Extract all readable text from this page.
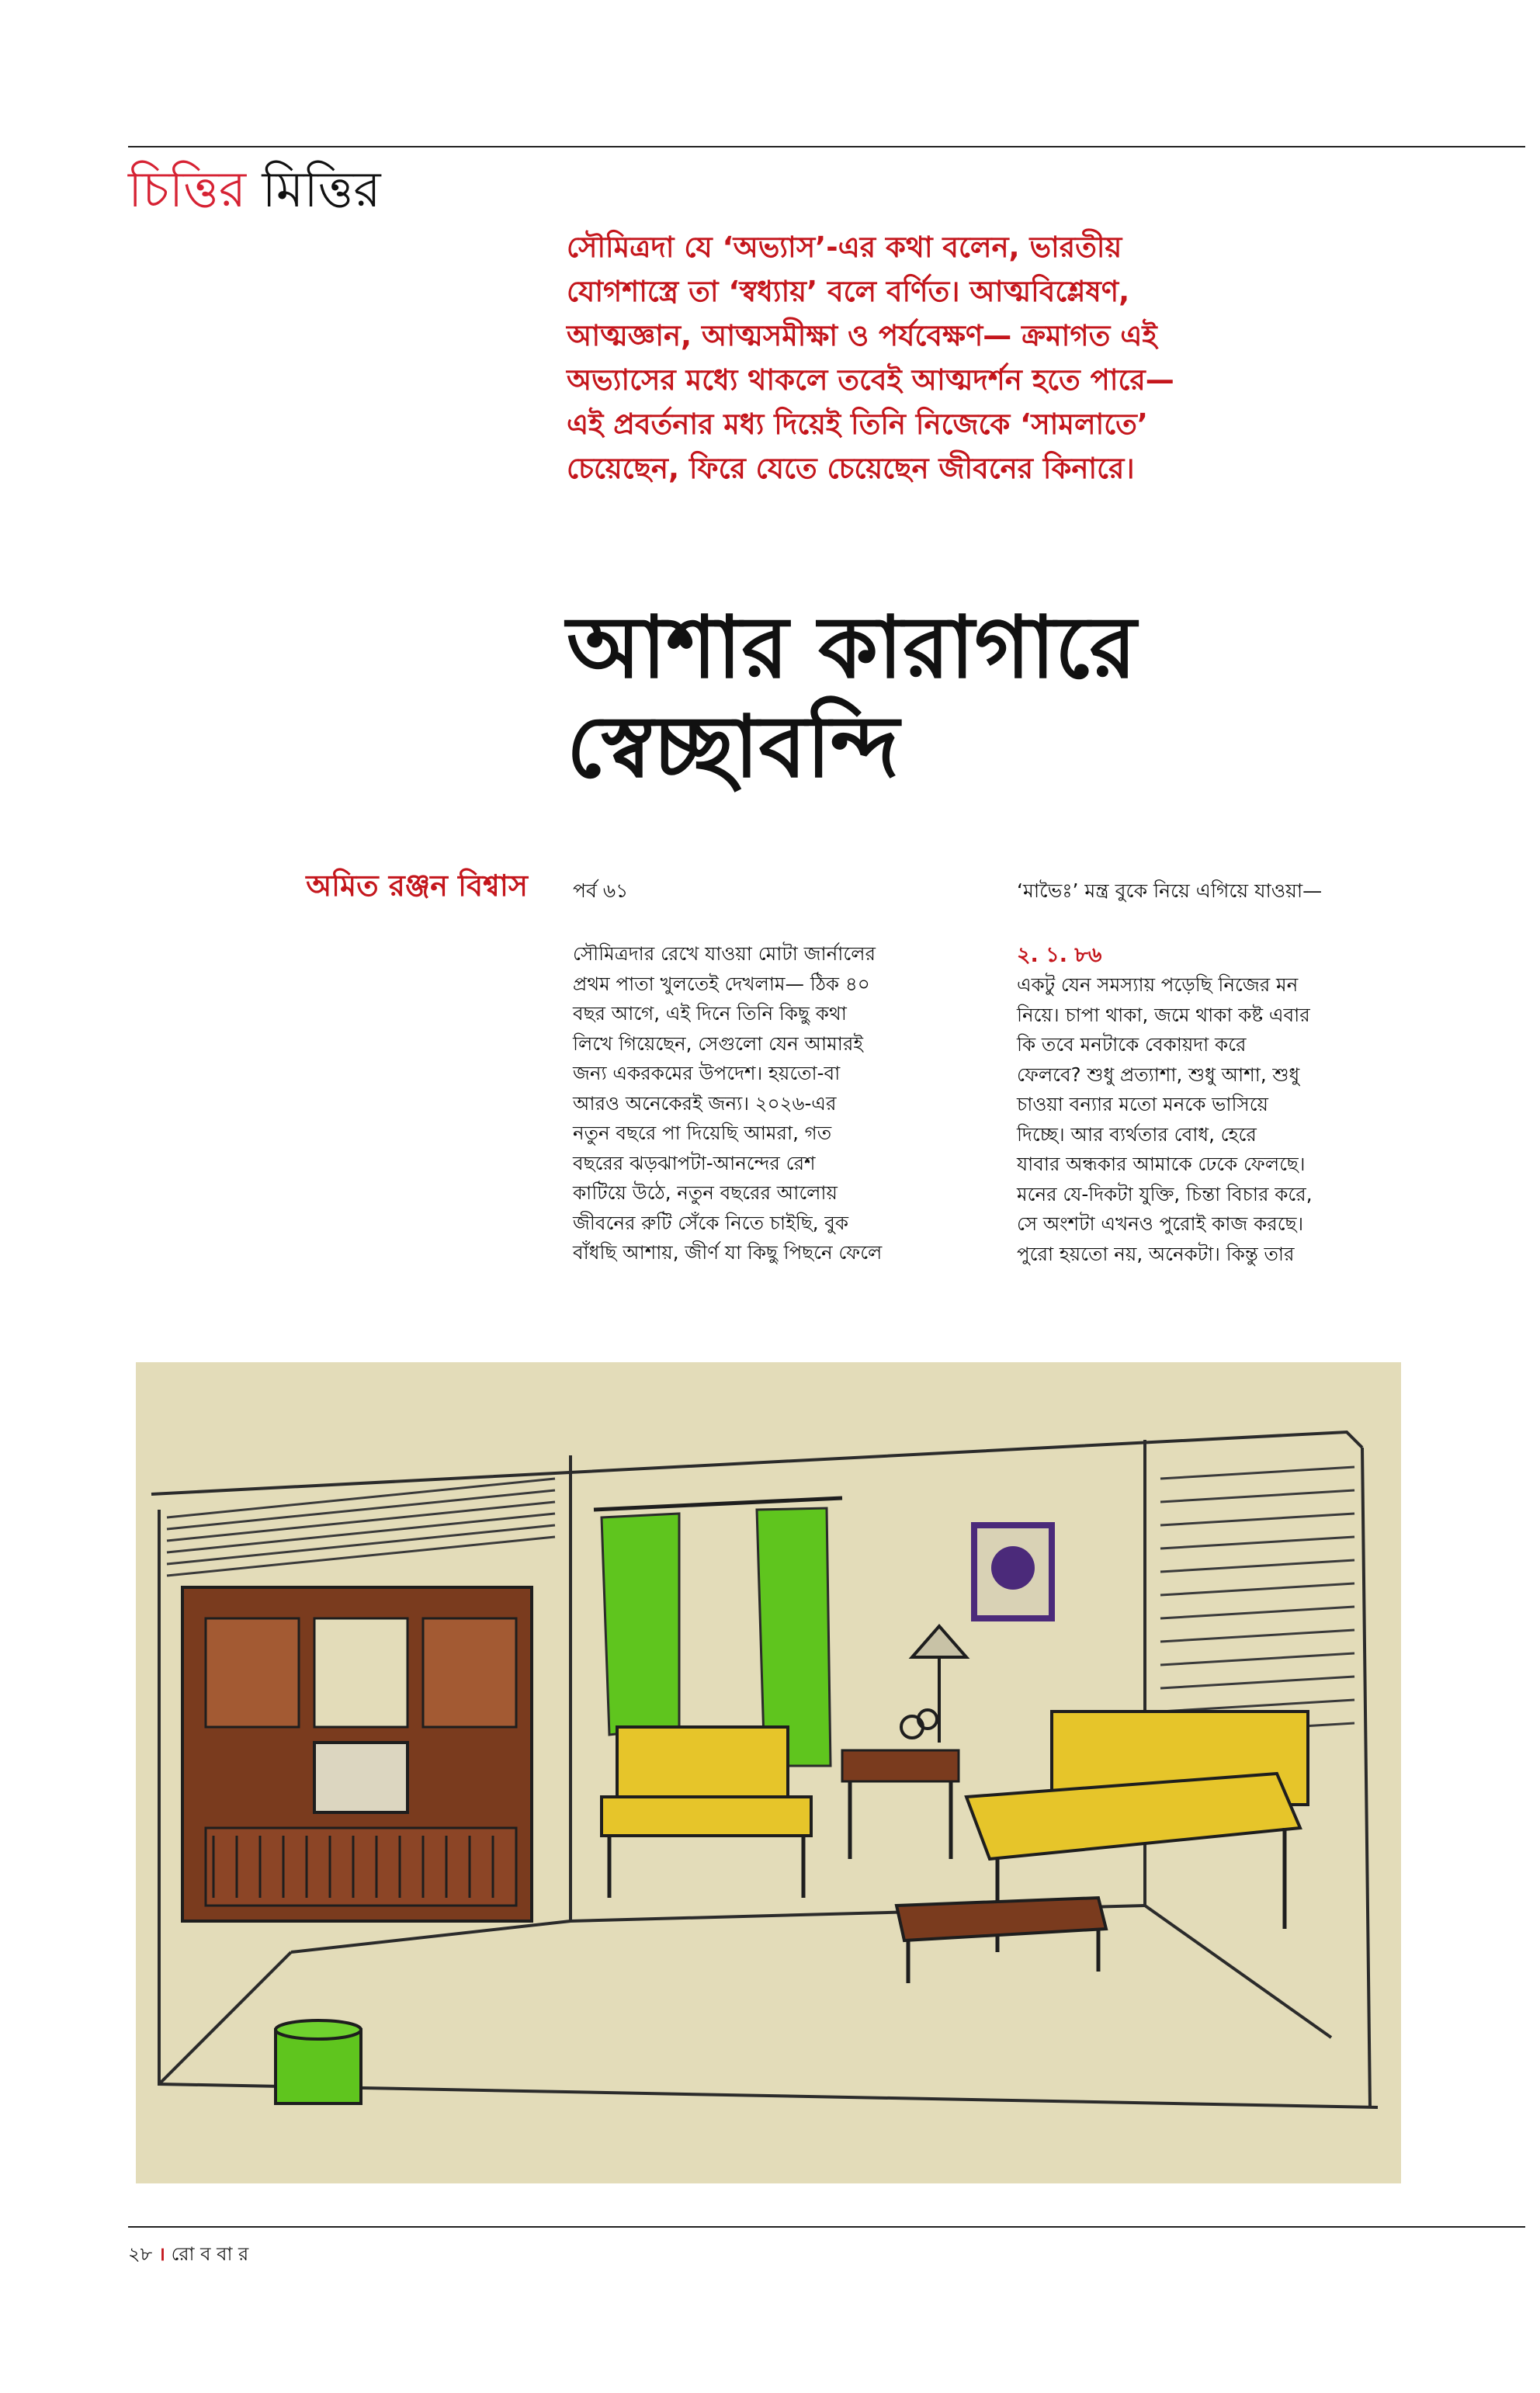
চিত্তির মিত্তির
সৌমিত্রদা যে ‘অভ্যাস’-এর কথা বলেন, ভারতীয়
যোগশাস্ত্রে তা ‘স্বধ্যায়’ বলে বর্ণিত। আত্মবিশ্লেষণ,
আত্মজ্ঞান, আত্মসমীক্ষা ও পর্যবেক্ষণ— ক্রমাগত এই
অভ্যাসের মধ্যে থাকলে তবেই আত্মদর্শন হতে পারে—
এই প্রবর্তনার মধ্য দিয়েই তিনি নিজেকে ‘সামলাতে’
চেয়েছেন, ফিরে যেতে চেয়েছেন জীবনের কিনারে।
আশার কারাগারে
স্বেচ্ছাবন্দি
অমিত রঞ্জন বিশ্বাস পর্ব ৬১	‘মাভৈঃ’ মন্ত্র বুকে নিয়ে এগিয়ে যাওয়া—
সৌমিত্রদার রেখে যাওয়া মোটা জার্নালের
প্রথম পাতা খুলতেই দেখলাম— ঠিক ৪০
বছর আগে, এই দিনে তিনি কিছু কথা
লিখে গিয়েছেন, সেগুলো যেন আমারই
জন্য একরকমের উপদেশ। হয়তো-বা
আরও অনেকেরই জন্য। ২০২৬-এর
নতুন বছরে পা দিয়েছি আমরা, গত
বছরের ঝড়ঝাপটা-আনন্দের রেশ
কাটিয়ে উঠে, নতুন বছরের আলোয়
জীবনের রুটি সেঁকে নিতে চাইছি, বুক
বাঁধছি আশায়, জীর্ণ যা কিছু পিছনে ফেলে
২. ১. ৮৬
একটু যেন সমস্যায় পড়েছি নিজের মন
নিয়ে। চাপা থাকা, জমে থাকা কষ্ট এবার
কি তবে মনটাকে বেকায়দা করে
ফেলবে? শুধু প্রত্যাশা, শুধু আশা, শুধু
চাওয়া বন্যার মতো মনকে ভাসিয়ে
দিচ্ছে। আর ব্যর্থতার বোধ, হেরে
যাবার অন্ধকার আমাকে ঢেকে ফেলছে।
মনের যে-দিকটা যুক্তি, চিন্তা বিচার করে,
সে অংশটা এখনও পুরোই কাজ করছে।
পুরো হয়তো নয়, অনেকটা। কিন্তু তার
২৮ । রো ব বা র
